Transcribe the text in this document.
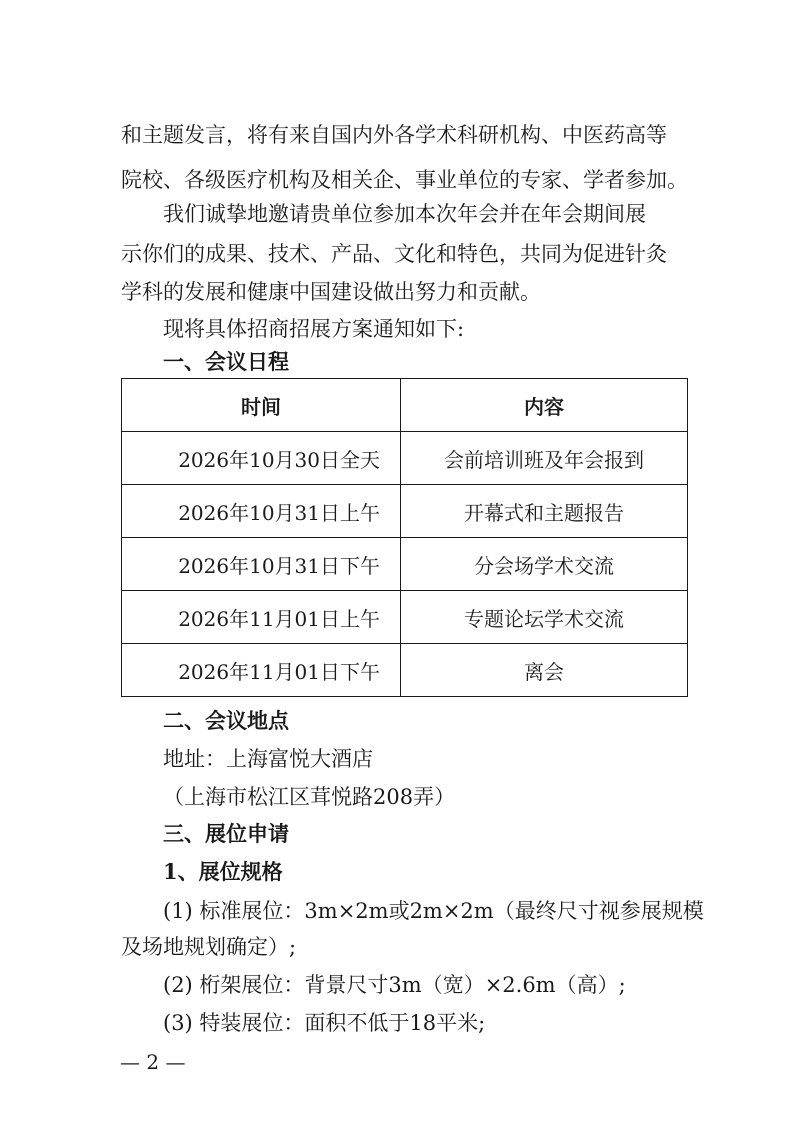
和主题发言，将有来自国内外各学术科研机构、中医药高等
院校、各级医疗机构及相关企、事业单位的专家、学者参加。
我们诚挚地邀请贵单位参加本次年会并在年会期间展
示你们的成果、技术、产品、文化和特色，共同为促进针灸
学科的发展和健康中国建设做出努力和贡献。
现将具体招商招展方案通知如下:
一、会议日程
时间	内容
2026年10月30日全天	会前培训班及年会报到
2026年10月31日上午	开幕式和主题报告
2026年10月31日下午	分会场学术交流
2026年11月01日上午	专题论坛学术交流
2026年11月01日下午	离会
二、会议地点
地址：上海富悦大酒店
（上海市松江区茸悦路208弄）
三、展位申请
1、展位规格
(1) 标准展位：3m×2m或2m×2m（最终尺寸视参展规模
及场地规划确定）;
(2) 桁架展位：背景尺寸3m（宽）×2.6m（高）;
(3) 特装展位：面积不低于18平米;
— 2 —
